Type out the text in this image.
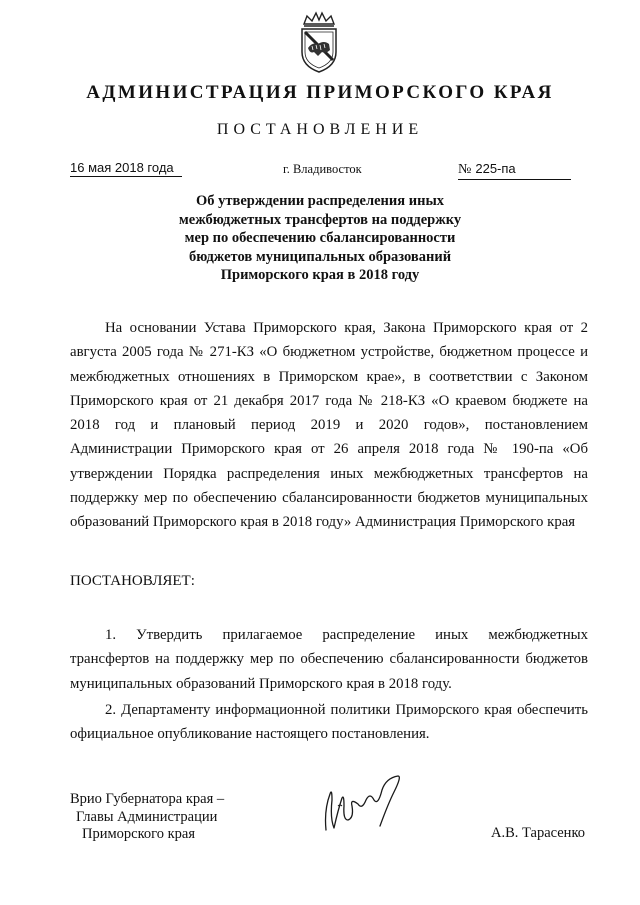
АДМИНИСТРАЦИЯ ПРИМОРСКОГО КРАЯ
ПОСТАНОВЛЕНИЕ
16 мая 2018 года	г. Владивосток	№ 225-па
Об утверждении распределения иных
межбюджетных трансфертов на поддержку
мер по обеспечению сбалансированности
бюджетов муниципальных образований
Приморского края в 2018 году
На основании Устава Приморского края, Закона Приморского края от 2 августа 2005 года № 271-КЗ «О бюджетном устройстве, бюджетном процессе и межбюджетных отношениях в Приморском крае», в соответствии с Законом Приморского края от 21 декабря 2017 года № 218-КЗ «О краевом бюджете на 2018 год и плановый период 2019 и 2020 годов», постановлением Администрации Приморского края от 26 апреля 2018 года № 190-па «Об утверждении Порядка распределения иных межбюджетных трансфертов на поддержку мер по обеспечению сбалансированности бюджетов муниципальных образований Приморского края в 2018 году» Администрация Приморского края
ПОСТАНОВЛЯЕТ:
1. Утвердить прилагаемое распределение иных межбюджетных трансфертов на поддержку мер по обеспечению сбалансированности бюджетов муниципальных образований Приморского края в 2018 году.
2. Департаменту информационной политики Приморского края обеспечить официальное опубликование настоящего постановления.
Врио Губернатора края –
Главы Администрации
Приморского края	А.В. Тарасенко
